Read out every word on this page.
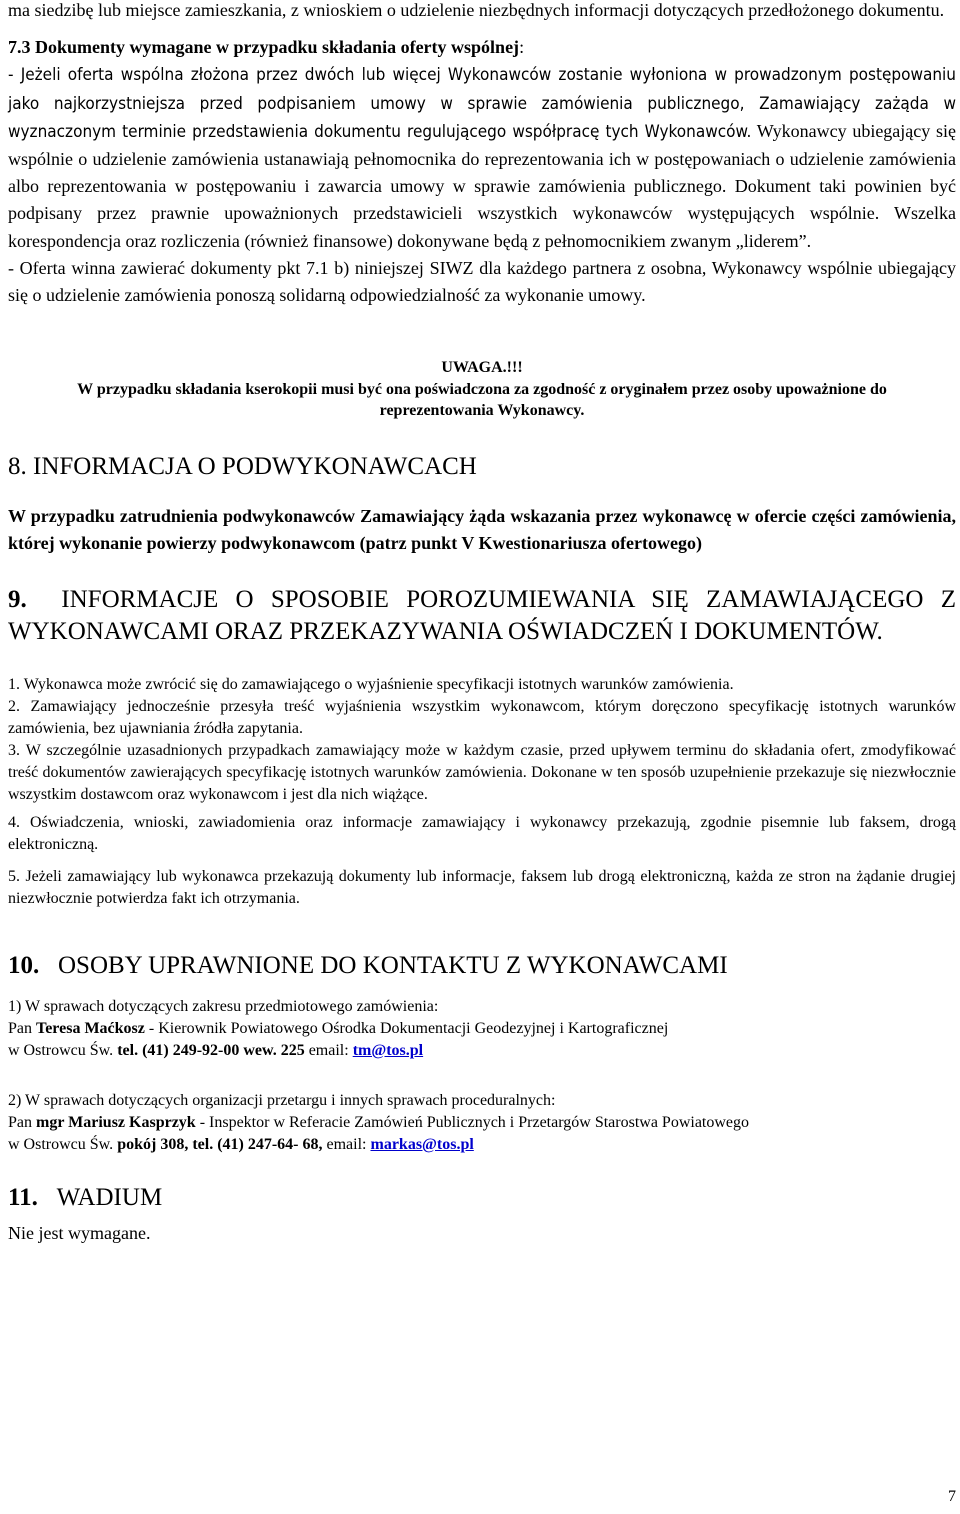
ma siedzibę lub miejsce zamieszkania, z wnioskiem o udzielenie niezbędnych informacji dotyczących przedłożonego dokumentu.

7.3 Dokumenty wymagane w przypadku składania oferty wspólnej:

- Jeżeli oferta wspólna złożona przez dwóch lub więcej Wykonawców zostanie wyłoniona w prowadzonym postępowaniu jako najkorzystniejsza przed podpisaniem umowy w sprawie zamówienia publicznego, Zamawiający zażąda w wyznaczonym terminie przedstawienia dokumentu regulującego współpracę tych Wykonawców. Wykonawcy ubiegający się wspólnie o udzielenie zamówienia ustanawiają pełnomocnika do reprezentowania ich w postępowaniach o udzielenie zamówienia albo reprezentowania w postępowaniu i zawarcia umowy w sprawie zamówienia publicznego. Dokument taki powinien być podpisany przez prawnie upoważnionych przedstawicieli wszystkich wykonawców występujących wspólnie. Wszelka korespondencja oraz rozliczenia (również finansowe) dokonywane będą z pełnomocnikiem zwanym „liderem”.

- Oferta winna zawierać dokumenty pkt 7.1 b) niniejszej SIWZ dla każdego partnera z osobna, Wykonawcy wspólnie ubiegający się o udzielenie zamówienia ponoszą solidarną odpowiedzialność za wykonanie umowy.

UWAGA.!!!

W przypadku składania kserokopii musi być ona poświadczona za zgodność z oryginałem przez osoby upoważnione do reprezentowania Wykonawcy.

8. INFORMACJA O PODWYKONAWCACH

W przypadku zatrudnienia podwykonawców Zamawiający żąda wskazania przez wykonawcę w ofercie części zamówienia, której wykonanie powierzy podwykonawcom (patrz punkt V Kwestionariusza ofertowego)

9. INFORMACJE O SPOSOBIE POROZUMIEWANIA SIĘ ZAMAWIAJĄCEGO Z WYKONAWCAMI ORAZ PRZEKAZYWANIA OŚWIADCZEŃ I DOKUMENTÓW.

1. Wykonawca może zwrócić się do zamawiającego o wyjaśnienie specyfikacji istotnych warunków zamówienia.

2. Zamawiający jednocześnie przesyła treść wyjaśnienia wszystkim wykonawcom, którym doręczono specyfikację istotnych warunków zamówienia, bez ujawniania źródła zapytania.

3. W szczególnie uzasadnionych przypadkach zamawiający może w każdym czasie, przed upływem terminu do składania ofert, zmodyfikować treść dokumentów zawierających specyfikację istotnych warunków zamówienia. Dokonane w ten sposób uzupełnienie przekazuje się niezwłocznie wszystkim dostawcom oraz wykonawcom i jest dla nich wiążące.

4. Oświadczenia, wnioski, zawiadomienia oraz informacje zamawiający i wykonawcy przekazują, zgodnie pisemnie lub faksem, drogą elektroniczną.

5. Jeżeli zamawiający lub wykonawca przekazują dokumenty lub informacje, faksem lub drogą elektroniczną, każda ze stron na żądanie drugiej niezwłocznie potwierdza fakt ich otrzymania.

10. OSOBY UPRAWNIONE DO KONTAKTU Z WYKONAWCAMI

1) W sprawach dotyczących zakresu przedmiotowego zamówienia:

Pan Teresa Maćkosz - Kierownik Powiatowego Ośrodka Dokumentacji Geodezyjnej i Kartograficznej

w Ostrowcu Św. tel. (41) 249-92-00 wew. 225 email: tm@tos.pl

2) W sprawach dotyczących organizacji przetargu i innych sprawach proceduralnych:

Pan mgr Mariusz Kasprzyk - Inspektor w Referacie Zamówień Publicznych i Przetargów Starostwa Powiatowego

w Ostrowcu Św. pokój 308, tel. (41) 247-64- 68, email: markas@tos.pl

11. WADIUM

Nie jest wymagane.

7
